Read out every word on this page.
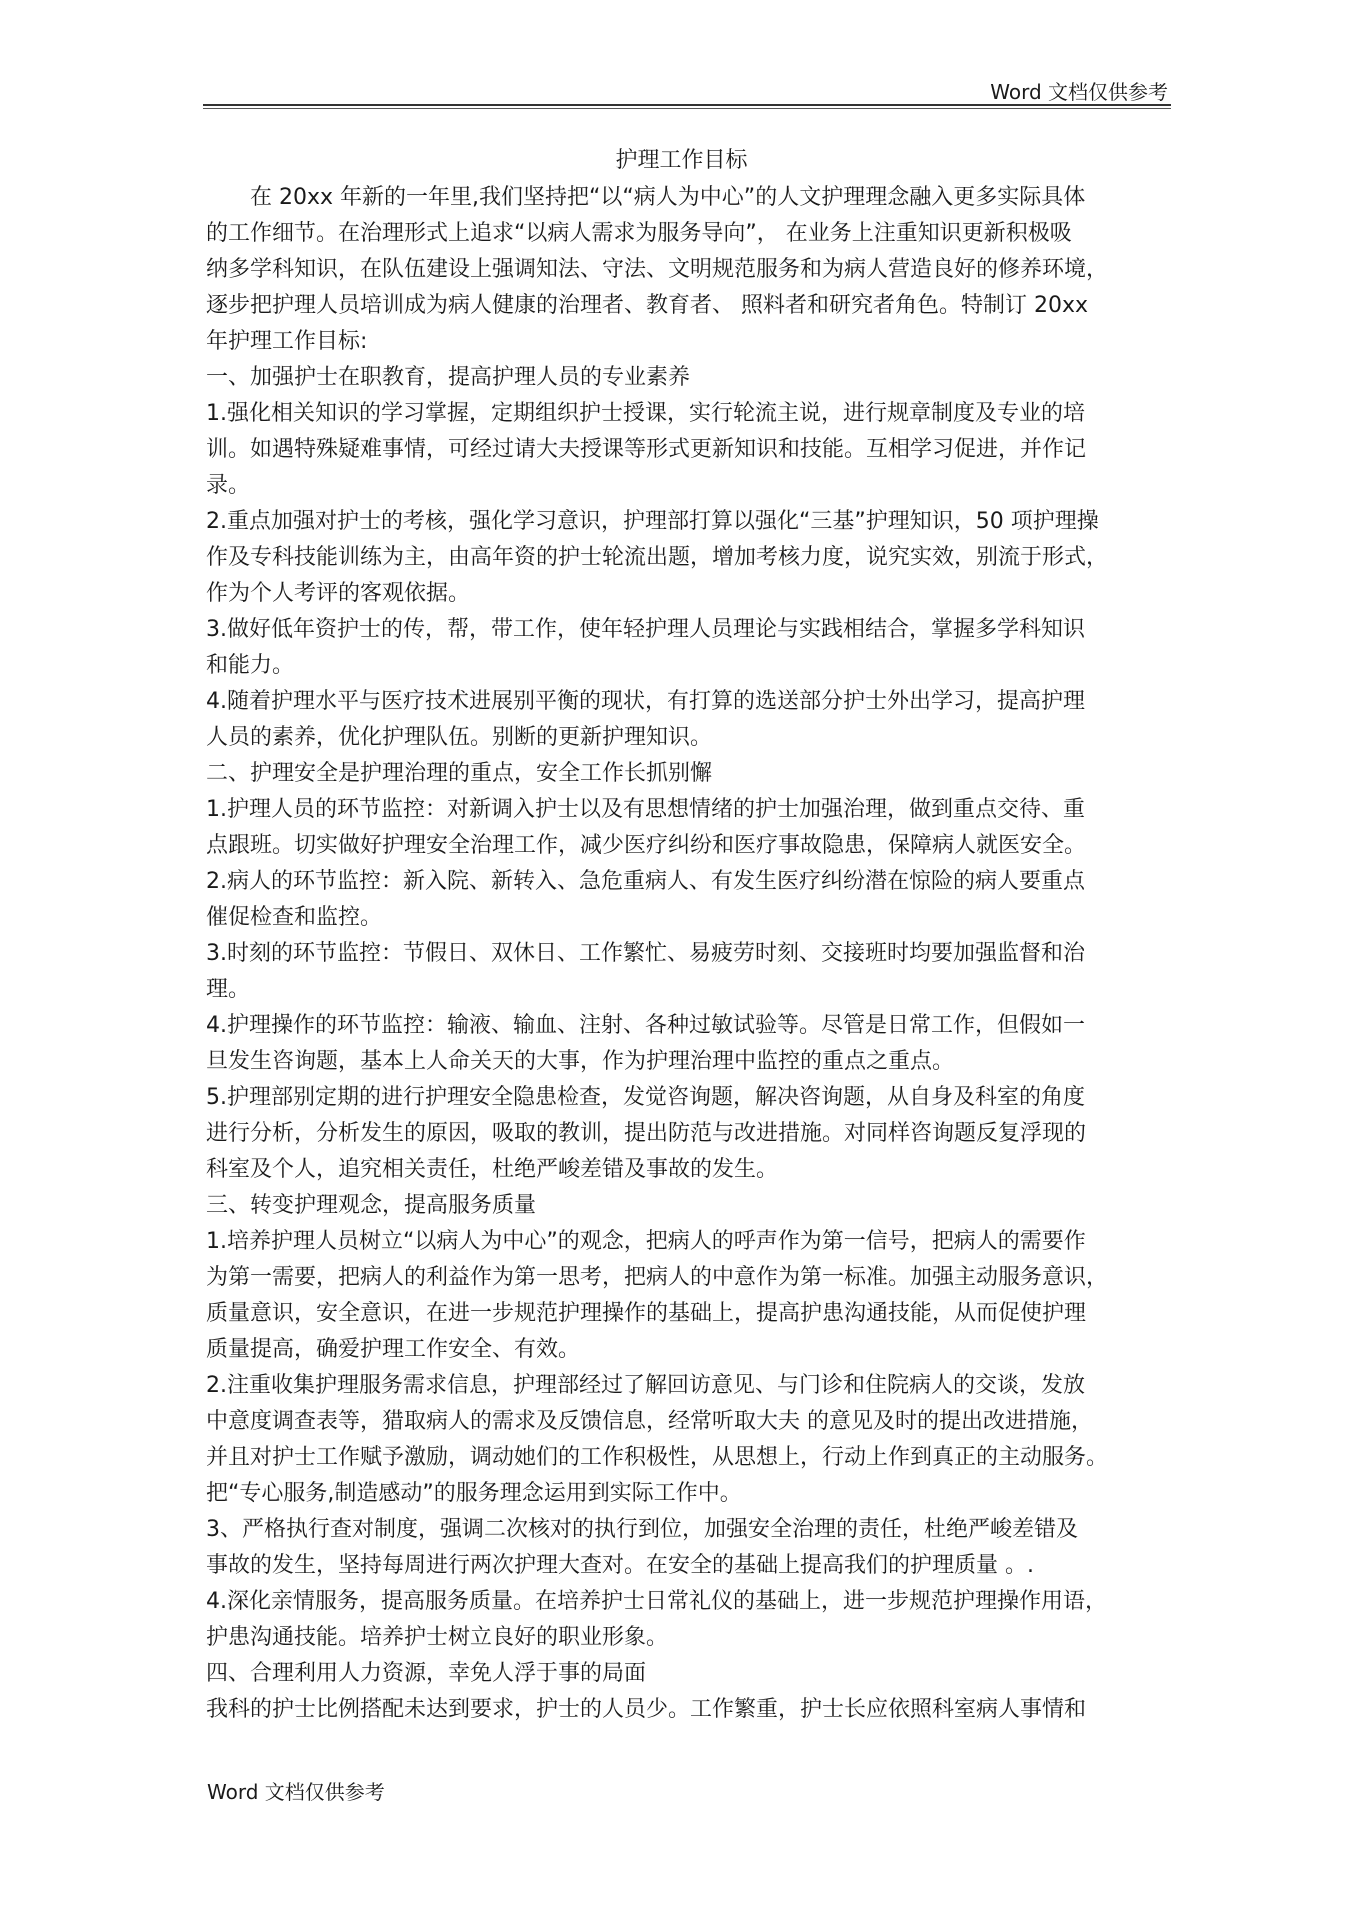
Word 文档仅供参考
护理工作目标
　　在 20xx 年新的一年里,我们坚持把“以“病人为中心”的人文护理理念融入更多实际具体
的工作细节。在治理形式上追求“以病人需求为服务导向”， 在业务上注重知识更新积极吸
纳多学科知识，在队伍建设上强调知法、守法、文明规范服务和为病人营造良好的修养环境，
逐步把护理人员培训成为病人健康的治理者、教育者、 照料者和研究者角色。特制订 20xx
年护理工作目标:
一、加强护士在职教育，提高护理人员的专业素养
1.强化相关知识的学习掌握，定期组织护士授课，实行轮流主说，进行规章制度及专业的培
训。如遇特殊疑难事情，可经过请大夫授课等形式更新知识和技能。互相学习促进，并作记
录。
2.重点加强对护士的考核，强化学习意识，护理部打算以强化“三基”护理知识，50 项护理操
作及专科技能训练为主，由高年资的护士轮流出题，增加考核力度，说究实效，别流于形式，
作为个人考评的客观依据。
3.做好低年资护士的传，帮，带工作，使年轻护理人员理论与实践相结合，掌握多学科知识
和能力。
4.随着护理水平与医疗技术进展别平衡的现状，有打算的选送部分护士外出学习，提高护理
人员的素养，优化护理队伍。别断的更新护理知识。
二、护理安全是护理治理的重点，安全工作长抓别懈
1.护理人员的环节监控：对新调入护士以及有思想情绪的护士加强治理，做到重点交待、重
点跟班。切实做好护理安全治理工作，减少医疗纠纷和医疗事故隐患，保障病人就医安全。
2.病人的环节监控：新入院、新转入、急危重病人、有发生医疗纠纷潜在惊险的病人要重点
催促检查和监控。
3.时刻的环节监控：节假日、双休日、工作繁忙、易疲劳时刻、交接班时均要加强监督和治
理。
4.护理操作的环节监控：输液、输血、注射、各种过敏试验等。尽管是日常工作，但假如一
旦发生咨询题，基本上人命关天的大事，作为护理治理中监控的重点之重点。
5.护理部别定期的进行护理安全隐患检查，发觉咨询题，解决咨询题，从自身及科室的角度
进行分析，分析发生的原因，吸取的教训，提出防范与改进措施。对同样咨询题反复浮现的
科室及个人，追究相关责任，杜绝严峻差错及事故的发生。
三、转变护理观念，提高服务质量
1.培养护理人员树立“以病人为中心”的观念，把病人的呼声作为第一信号，把病人的需要作
为第一需要，把病人的利益作为第一思考，把病人的中意作为第一标准。加强主动服务意识，
质量意识，安全意识，在进一步规范护理操作的基础上，提高护患沟通技能，从而促使护理
质量提高，确爱护理工作安全、有效。
2.注重收集护理服务需求信息，护理部经过了解回访意见、与门诊和住院病人的交谈，发放
中意度调查表等，猎取病人的需求及反馈信息，经常听取大夫 的意见及时的提出改进措施，
并且对护士工作赋予激励，调动她们的工作积极性，从思想上，行动上作到真正的主动服务。
把“专心服务,制造感动”的服务理念运用到实际工作中。
3、严格执行查对制度，强调二次核对的执行到位，加强安全治理的责任，杜绝严峻差错及
事故的发生，坚持每周进行两次护理大查对。在安全的基础上提高我们的护理质量 。.
4.深化亲情服务，提高服务质量。在培养护士日常礼仪的基础上，进一步规范护理操作用语，
护患沟通技能。培养护士树立良好的职业形象。
四、合理利用人力资源，幸免人浮于事的局面
我科的护士比例搭配未达到要求，护士的人员少。工作繁重，护士长应依照科室病人事情和
Word 文档仅供参考
